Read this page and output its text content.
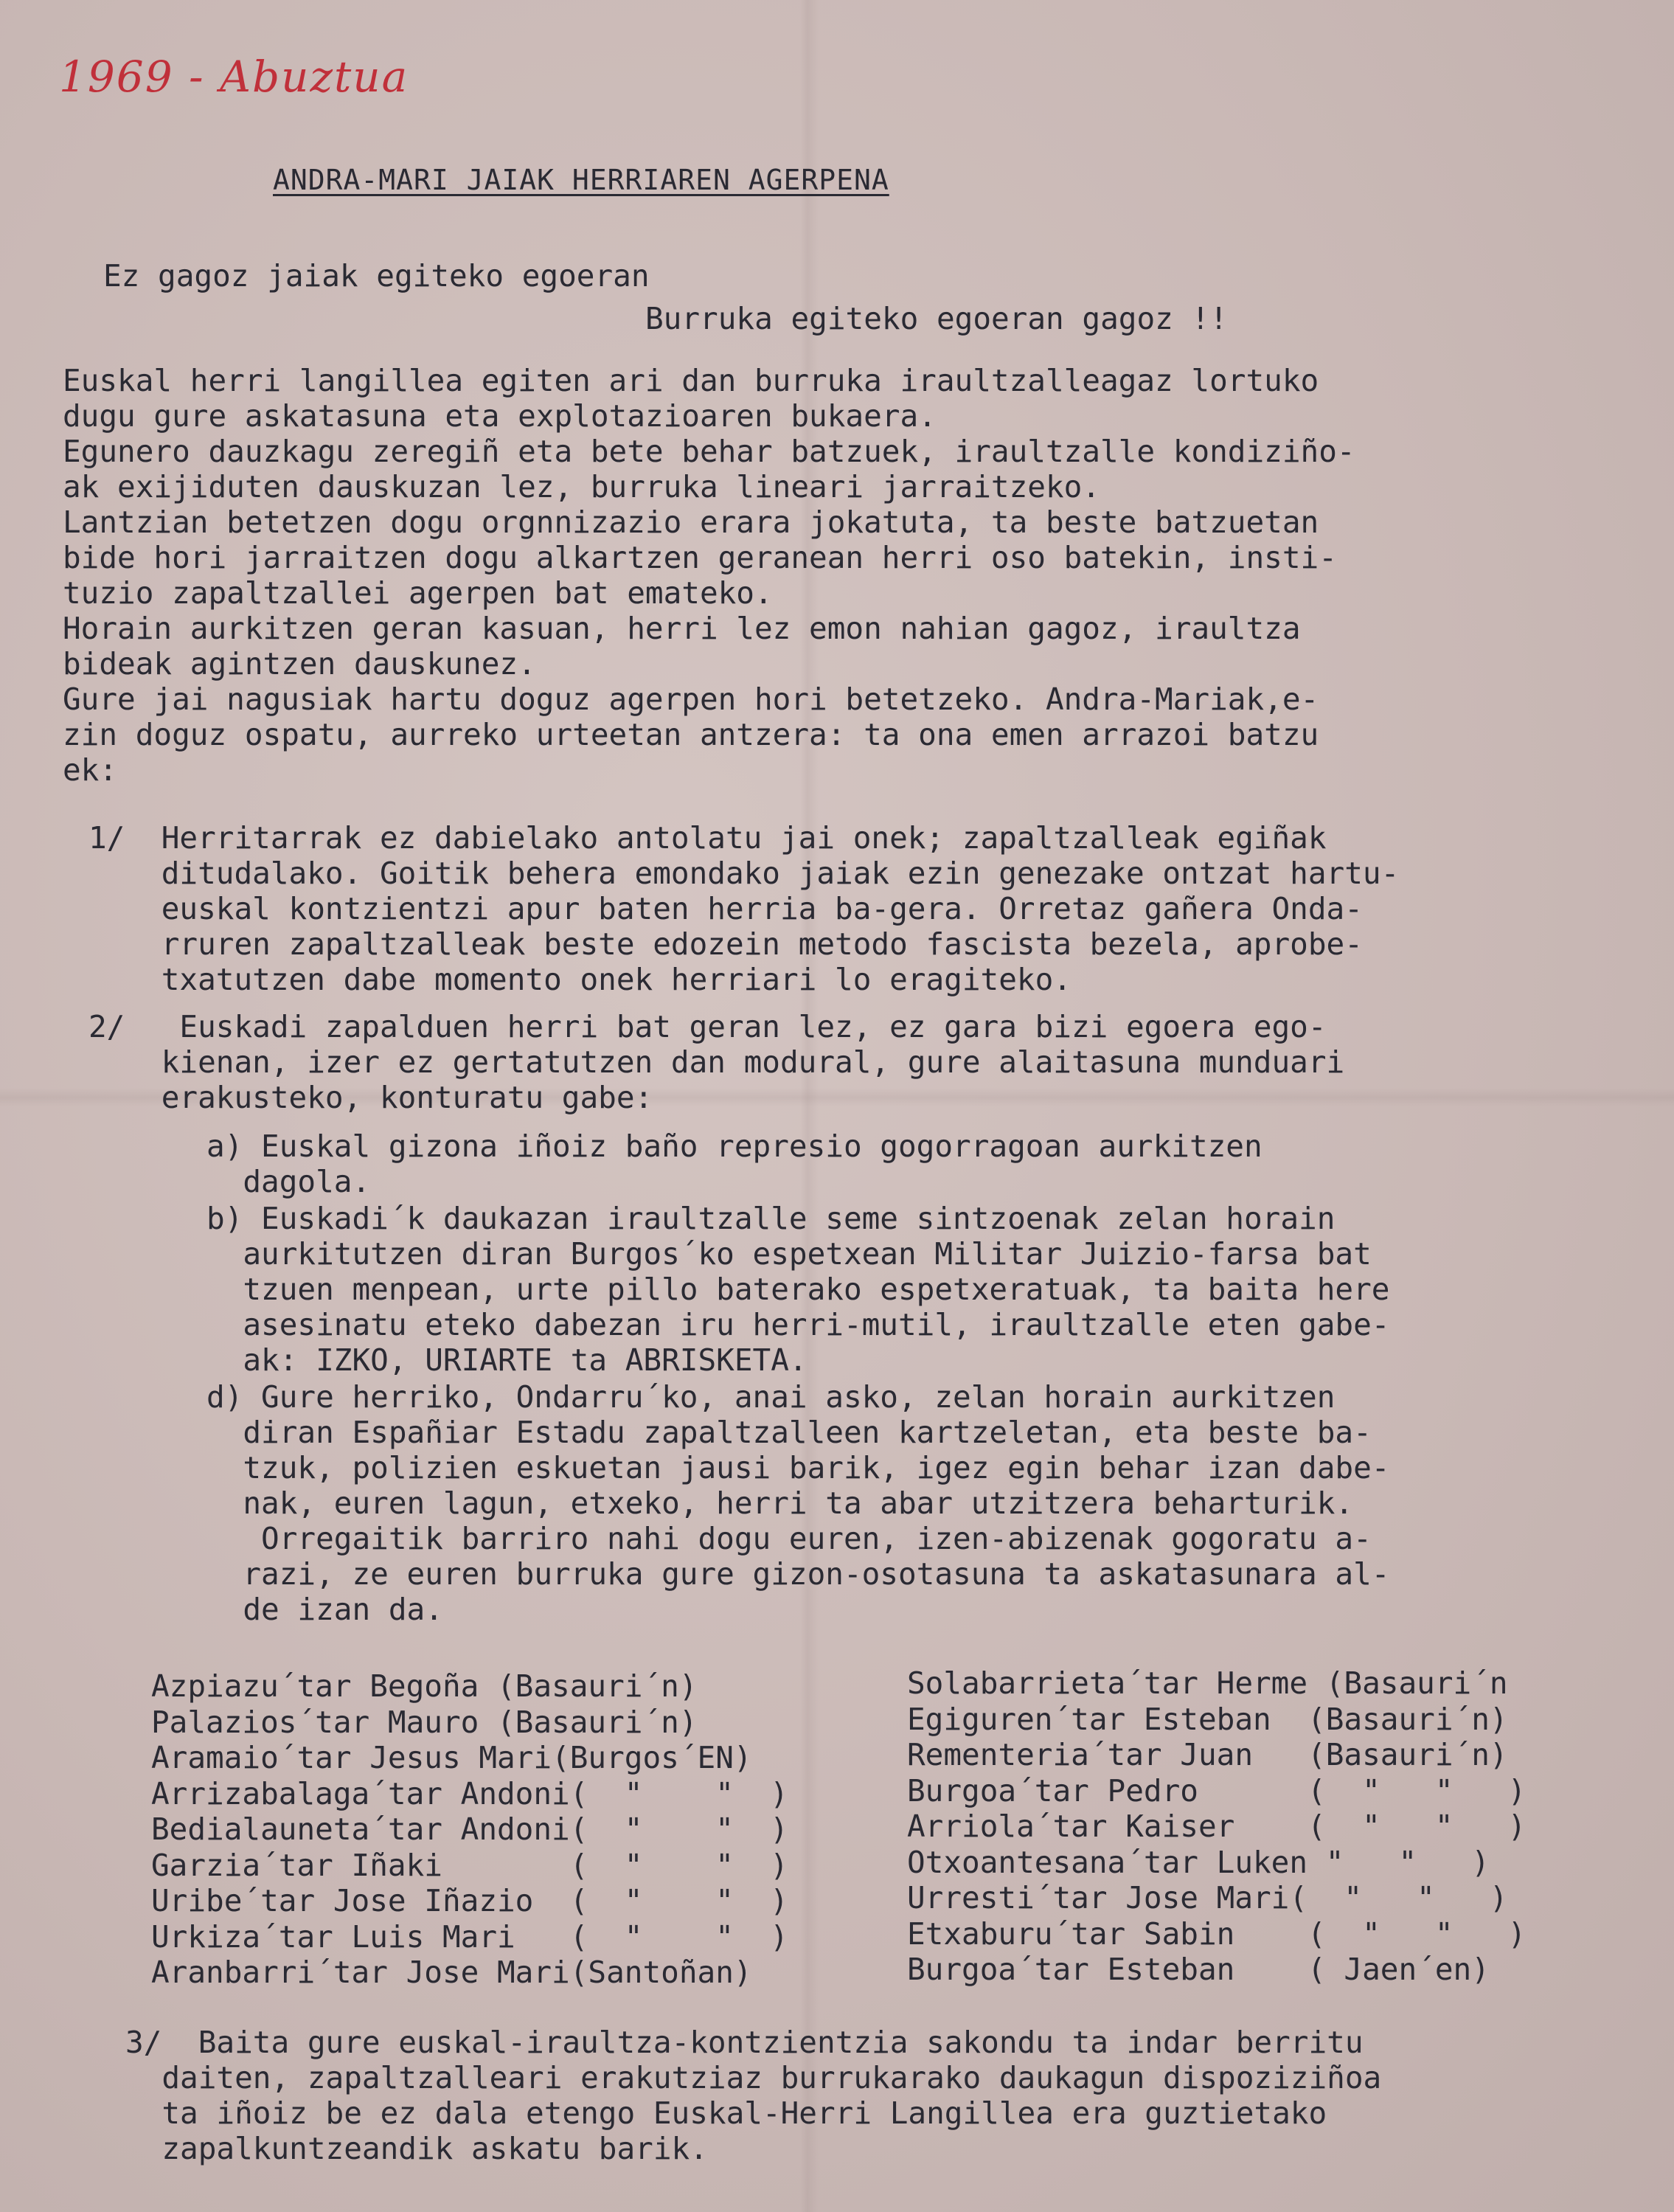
1969 - Abuztua
ANDRA-MARI JAIAK HERRIAREN AGERPENA
Ez gagoz jaiak egiteko egoeran
Burruka egiteko egoeran gagoz !!

Euskal herri langillea egiten ari dan burruka iraultzalleagaz lortuko

dugu gure askatasuna eta explotazioaren bukaera.

Egunero dauzkagu zeregiñ eta bete behar batzuek, iraultzalle kondiziño-

ak exijiduten dauskuzan lez, burruka lineari jarraitzeko.

Lantzian betetzen dogu orgnnizazio erara jokatuta, ta beste batzuetan

bide hori jarraitzen dogu alkartzen geranean herri oso batekin, insti-

tuzio zapaltzallei agerpen bat emateko.

Horain aurkitzen geran kasuan, herri lez emon nahian gagoz, iraultza

bideak agintzen dauskunez.

Gure jai nagusiak hartu doguz agerpen hori betetzeko. Andra-Mariak,e-

zin doguz ospatu, aurreko urteetan antzera: ta ona emen arrazoi batzu

ek:

1/  Herritarrak ez dabielako antolatu jai onek; zapaltzalleak egiñak

ditudalako. Goitik behera emondako jaiak ezin genezake ontzat hartu-

euskal kontzientzi apur baten herria ba-gera. Orretaz gañera Onda-

rruren zapaltzalleak beste edozein metodo fascista bezela, aprobe-

txatutzen dabe momento onek herriari lo eragiteko.

2/   Euskadi zapalduen herri bat geran lez, ez gara bizi egoera ego-

kienan, izer ez gertatutzen dan modural, gure alaitasuna munduari

erakusteko, konturatu gabe:

a) Euskal gizona iñoiz baño represio gogorragoan aurkitzen

dagola.

b) Euskadi´k daukazan iraultzalle seme sintzoenak zelan horain

aurkitutzen diran Burgos´ko espetxean Militar Juizio-farsa bat

tzuen menpean, urte pillo baterako espetxeratuak, ta baita here

asesinatu eteko dabezan iru herri-mutil, iraultzalle eten gabe-

ak: IZKO, URIARTE ta ABRISKETA.

d) Gure herriko, Ondarru´ko, anai asko, zelan horain aurkitzen

diran Españiar Estadu zapaltzalleen kartzeletan, eta beste ba-

tzuk, polizien eskuetan jausi barik, igez egin behar izan dabe-

nak, euren lagun, etxeko, herri ta abar utzitzera beharturik.

Orregaitik barriro nahi dogu euren, izen-abizenak gogoratu a-

razi, ze euren burruka gure gizon-osotasuna ta askatasunara al-

de izan da.

Azpiazu´tar Begoña (Basauri´n)
Palazios´tar Mauro (Basauri´n)
Aramaio´tar Jesus Mari(Burgos´EN)
Arrizabalaga´tar Andoni(  "    "  )
Bedialauneta´tar Andoni(  "    "  )
Garzia´tar Iñaki       (  "    "  )
Uribe´tar Jose Iñazio  (  "    "  )
Urkiza´tar Luis Mari   (  "    "  )
Aranbarri´tar Jose Mari(Santoñan)
Solabarrieta´tar Herme (Basauri´n
Egiguren´tar Esteban  (Basauri´n)
Rementeria´tar Juan   (Basauri´n)
Burgoa´tar Pedro      (  "   "   )
Arriola´tar Kaiser    (  "   "   )
Otxoantesana´tar Luken "   "   )
Urresti´tar Jose Mari(  "   "   )
Etxaburu´tar Sabin    (  "   "   )
Burgoa´tar Esteban    ( Jaen´en)

3/  Baita gure euskal-iraultza-kontzientzia sakondu ta indar berritu

daiten, zapaltzalleari erakutziaz burrukarako daukagun dispoziziñoa

ta iñoiz be ez dala etengo Euskal-Herri Langillea era guztietako

zapalkuntzeandik askatu barik.
